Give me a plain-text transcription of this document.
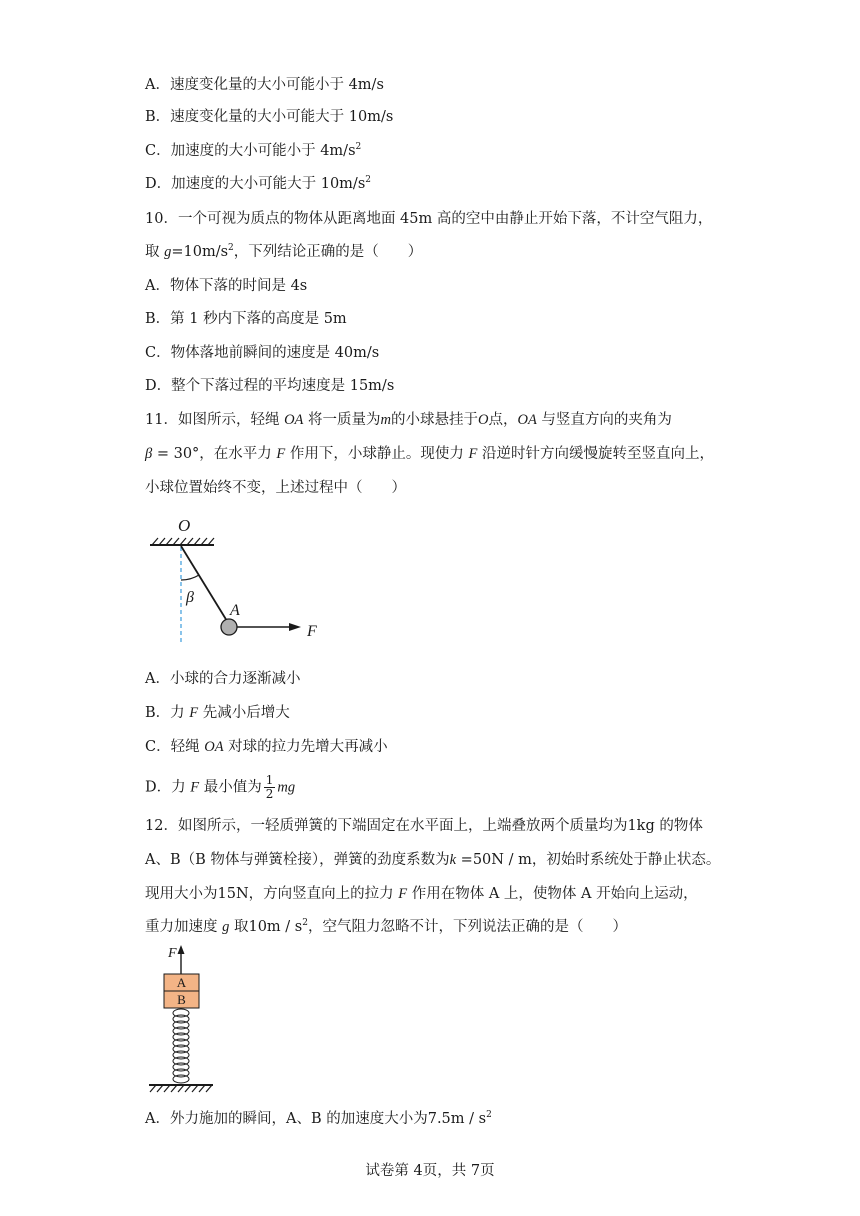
A．速度变化量的大小可能小于 4m/s
B．速度变化量的大小可能大于 10m/s
C．加速度的大小可能小于 $4m/s^2$
D．加速度的大小可能大于 $10m/s^2$
10．一个可视为质点的物体从距离地面 45m 高的空中由静止开始下落，不计空气阻力，
取 $g=10m/s^2$，下列结论正确的是（　　）
A．物体下落的时间是 4s
B．第 1 秒内下落的高度是 5m
C．物体落地前瞬间的速度是 40m/s
D．整个下落过程的平均速度是 15m/s
11．如图所示，轻绳 OA 将一质量为m的小球悬挂于O点，OA 与竖直方向的夹角为
β = 30°，在水平力 F 作用下，小球静止。现使力 F 沿逆时针方向缓慢旋转至竖直向上，
小球位置始终不变，上述过程中（　　）
O
β
A
F
A．小球的合力逐渐减小
B．力 F 先减小后增大
C．轻绳 OA 对球的拉力先增大再减小
D．力 F 最小值为 $\frac{1}{2}$ mg
12．如图所示，一轻质弹簧的下端固定在水平面上，上端叠放两个质量均为1kg 的物体
A、B（B 物体与弹簧栓接），弹簧的劲度系数为k =50N / m，初始时系统处于静止状态。
现用大小为15N，方向竖直向上的拉力 F 作用在物体 A 上，使物体 A 开始向上运动，
重力加速度 g 取$10m / s^2$，空气阻力忽略不计，下列说法正确的是（　　）
F
A
B
A．外力施加的瞬间，A、B 的加速度大小为$7.5m / s^2$
试卷第 4页，共 7页
